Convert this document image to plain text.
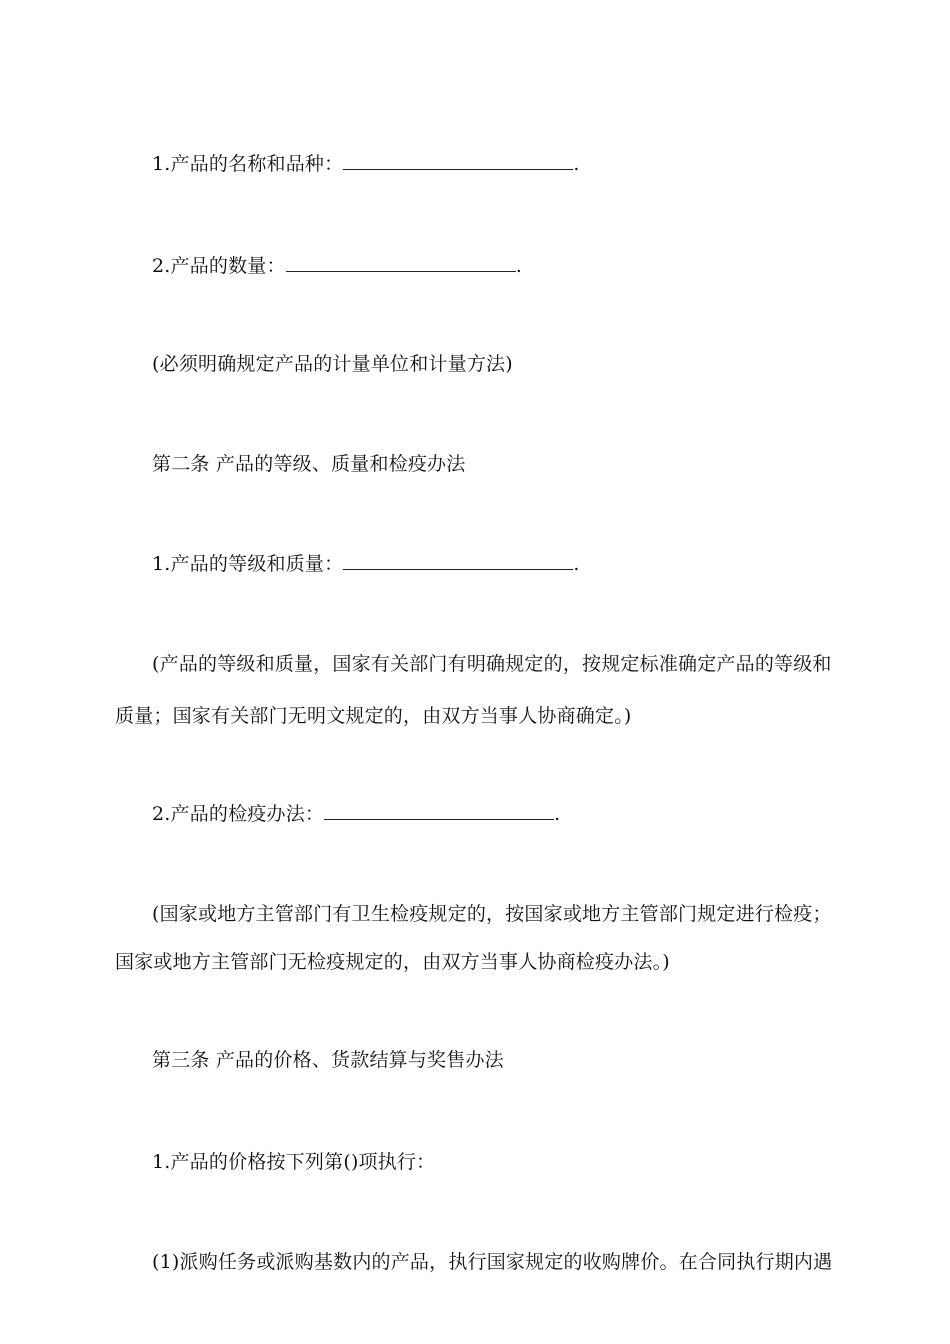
1.产品的名称和品种：	.
2.产品的数量：	.
(必须明确规定产品的计量单位和计量方法)
第二条 产品的等级、质量和检疫办法
1.产品的等级和质量：	.
(产品的等级和质量，国家有关部门有明确规定的，按规定标准确定产品的等级和
质量；国家有关部门无明文规定的，由双方当事人协商确定。)
2.产品的检疫办法：	.
(国家或地方主管部门有卫生检疫规定的，按国家或地方主管部门规定进行检疫；
国家或地方主管部门无检疫规定的，由双方当事人协商检疫办法。)
第三条 产品的价格、货款结算与奖售办法
1.产品的价格按下列第()项执行：
(1)派购任务或派购基数内的产品，执行国家规定的收购牌价。在合同执行期内遇
